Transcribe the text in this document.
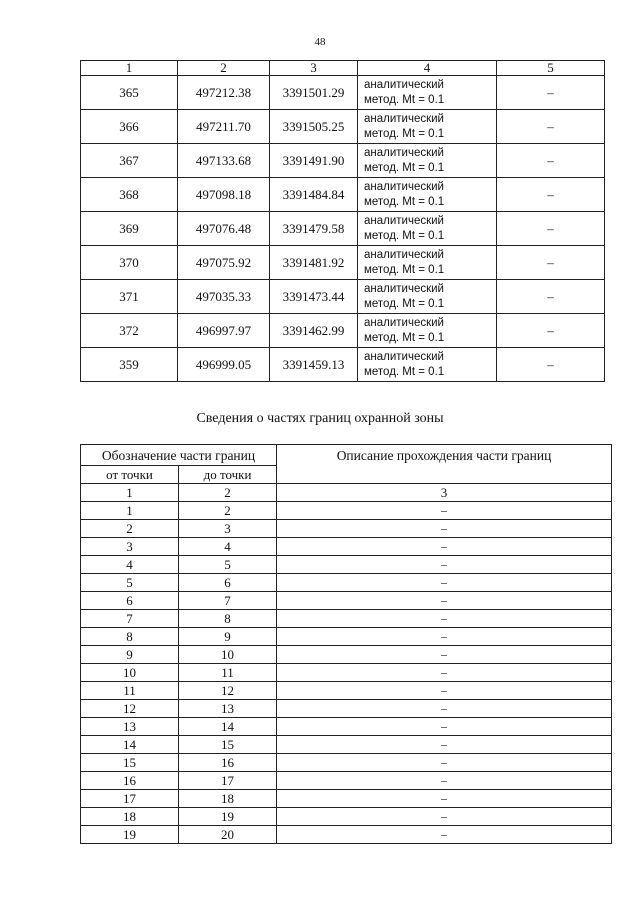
48
1	2	3	4	5
365	497212.38	3391501.29	аналитический
метод. Mt = 0.1	–
366	497211.70	3391505.25	аналитический
метод. Mt = 0.1	–
367	497133.68	3391491.90	аналитический
метод. Mt = 0.1	–
368	497098.18	3391484.84	аналитический
метод. Mt = 0.1	–
369	497076.48	3391479.58	аналитический
метод. Mt = 0.1	–
370	497075.92	3391481.92	аналитический
метод. Mt = 0.1	–
371	497035.33	3391473.44	аналитический
метод. Mt = 0.1	–
372	496997.97	3391462.99	аналитический
метод. Mt = 0.1	–
359	496999.05	3391459.13	аналитический
метод. Mt = 0.1	–
Сведения о частях границ охранной зоны
Обозначение части границ		Описание прохождения части границ
от точки	до точки	
1	2	3
1	2	–
2	3	–
3	4	–
4	5	–
5	6	–
6	7	–
7	8	–
8	9	–
9	10	–
10	11	–
11	12	–
12	13	–
13	14	–
14	15	–
15	16	–
16	17	–
17	18	–
18	19	–
19	20	–
